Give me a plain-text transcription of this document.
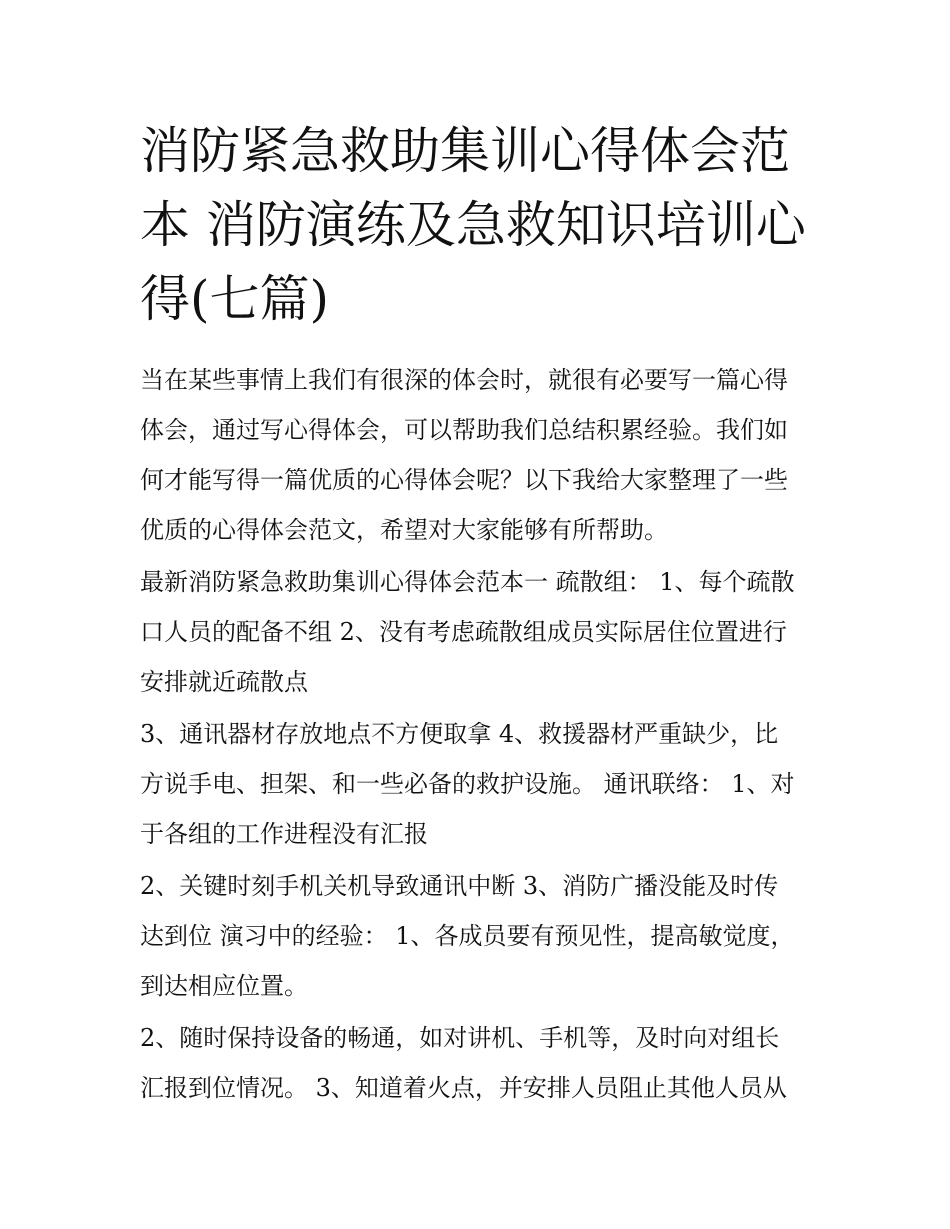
消防紧急救助集训心得体会范
本 消防演练及急救知识培训心
得(七篇)
当在某些事情上我们有很深的体会时，就很有必要写一篇心得
体会，通过写心得体会，可以帮助我们总结积累经验。我们如
何才能写得一篇优质的心得体会呢？以下我给大家整理了一些
优质的心得体会范文，希望对大家能够有所帮助。
最新消防紧急救助集训心得体会范本一 疏散组： 1、每个疏散
口人员的配备不组 2、没有考虑疏散组成员实际居住位置进行
安排就近疏散点
3、通讯器材存放地点不方便取拿 4、救援器材严重缺少，比
方说手电、担架、和一些必备的救护设施。 通讯联络： 1、对
于各组的工作进程没有汇报
2、关键时刻手机关机导致通讯中断 3、消防广播没能及时传
达到位 演习中的经验： 1、各成员要有预见性，提高敏觉度，
到达相应位置。
2、随时保持设备的畅通，如对讲机、手机等，及时向对组长
汇报到位情况。 3、知道着火点，并安排人员阻止其他人员从
